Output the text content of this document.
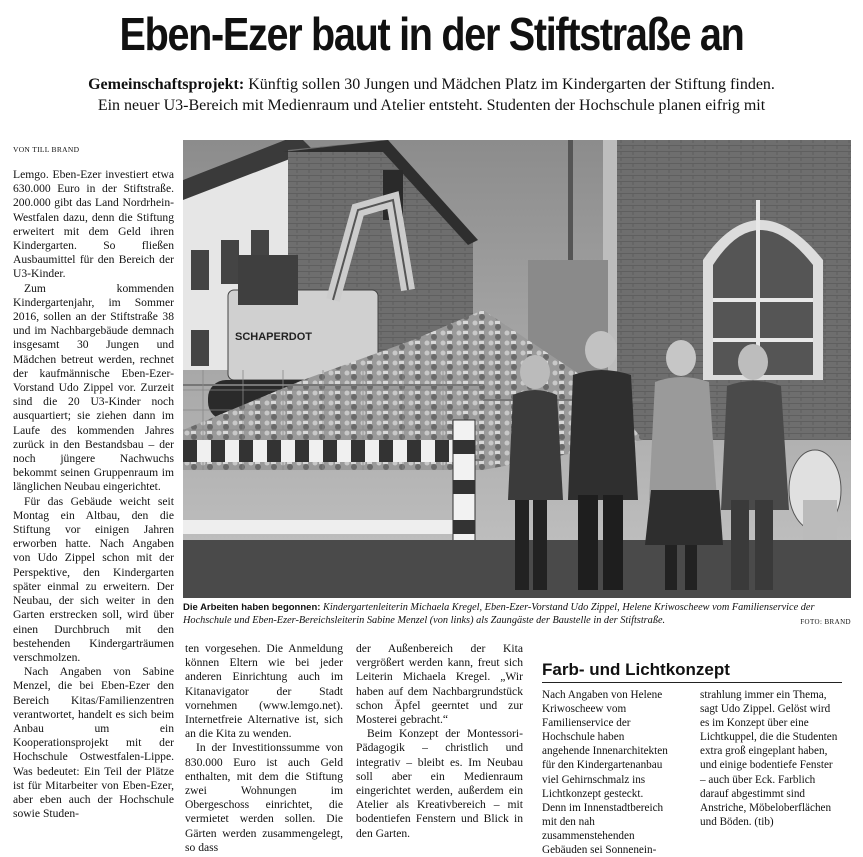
Eben-Ezer baut in der Stiftstraße an
Gemeinschaftsprojekt: Künftig sollen 30 Jungen und Mädchen Platz im Kindergarten der Stiftung finden.
Ein neuer U3-Bereich mit Medienraum und Atelier entsteht. Studenten der Hochschule planen eifrig mit
VON TILL BRAND

Lemgo. Eben-Ezer investiert etwa 630.000 Euro in der Stiftstraße. 200.000 gibt das Land Nordrhein-Westfalen dazu, denn die Stiftung erweitert mit dem Geld ihren Kindergarten. So fließen Ausbaumittel für den Bereich der U3-Kinder.

Zum kommenden Kindergartenjahr, im Sommer 2016, sollen an der Stiftstraße 38 und im Nachbargebäude demnach insgesamt 30 Jungen und Mädchen betreut werden, rechnet der kaufmännische Eben-Ezer-Vorstand Udo Zippel vor. Zurzeit sind die 20 U3-Kinder noch ausquartiert; sie ziehen dann im Laufe des kommenden Jahres zurück in den Bestandsbau – der noch jüngere Nachwuchs bekommt seinen Gruppenraum im länglichen Neubau eingerichtet.

Für das Gebäude weicht seit Montag ein Altbau, den die Stiftung vor einigen Jahren erworben hatte. Nach Angaben von Udo Zippel schon mit der Perspektive, den Kindergarten später einmal zu erweitern. Der Neubau, der sich weiter in den Garten erstrecken soll, wird über einen Durchbruch mit den bestehenden Kindergarträumen verschmolzen.

Nach Angaben von Sabine Menzel, die bei Eben-Ezer den Bereich Kitas/Familienzentren verantwortet, handelt es sich beim Anbau um ein Kooperationsprojekt mit der Hochschule Ostwestfalen-Lippe. Was bedeutet: Ein Teil der Plätze ist für Mitarbeiter von Eben-Ezer, aber eben auch der Hochschule sowie Studen-

SCHAPERDOT
Die Arbeiten haben begonnen: Kindergartenleiterin Michaela Kregel, Eben-Ezer-Vorstand Udo Zippel, Helene Kriwoscheew vom Familienservice der Hochschule und Eben-Ezer-Bereichsleiterin Sabine Menzel (von links) als Zaungäste der Baustelle in der Stiftstraße.	FOTO: BRAND

ten vorgesehen. Die Anmeldung können Eltern wie bei jeder anderen Einrichtung auch im Kitanavigator der Stadt vornehmen (www.lemgo.net). Internetfreie Alternative ist, sich an die Kita zu wenden.

In der Investitionssumme von 830.000 Euro ist auch Geld enthalten, mit dem die Stiftung zwei Wohnungen im Obergeschoss einrichtet, die vermietet werden sollen. Die Gärten werden zusammengelegt, so dass

der Außenbereich der Kita vergrößert werden kann, freut sich Leiterin Michaela Kregel. „Wir haben auf dem Nachbargrundstück schon Äpfel geerntet und zur Mosterei gebracht.“

Beim Konzept der Montessori-Pädagogik – christlich und integrativ – bleibt es. Im Neubau soll aber ein Medienraum eingerichtet werden, außerdem ein Atelier als Kreativbereich – mit bodentiefen Fenstern und Blick in den Garten.

Farb- und Lichtkonzept

Nach Angaben von Helene Kriwoscheew vom Familienservice der Hochschule haben angehende Innenarchitekten für den Kindergartenanbau viel Gehirnschmalz ins Lichtkonzept gesteckt. Denn im Innenstadtbereich mit den nah zusammenstehenden Gebäuden sei Sonnenein-

strahlung immer ein Thema, sagt Udo Zippel. Gelöst wird es im Konzept über eine Lichtkuppel, die die Studenten extra groß eingeplant haben, und einige bodentiefe Fenster – auch über Eck. Farblich darauf abgestimmt sind Anstriche, Möbeloberflächen und Böden. (tib)
